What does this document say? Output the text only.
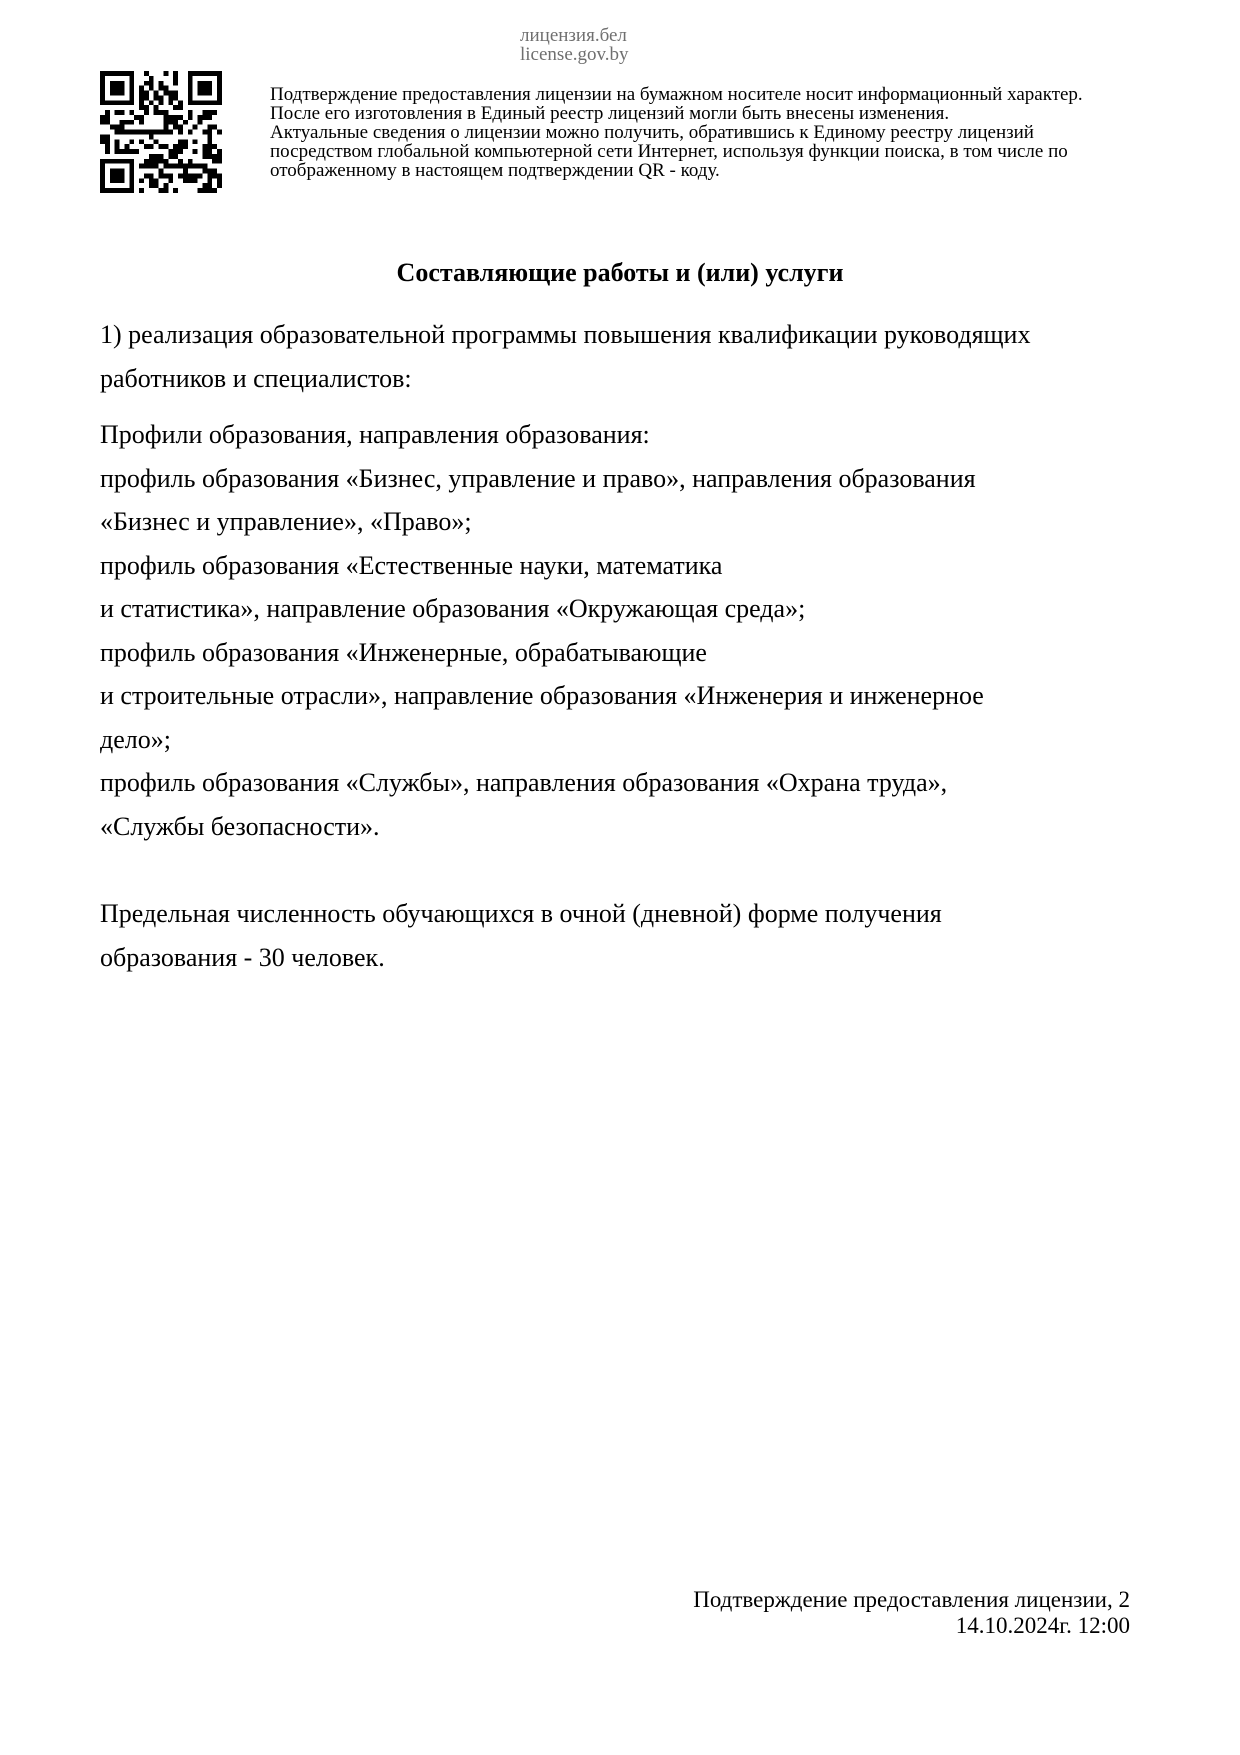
лицензия.бел
license.gov.by
Подтверждение предоставления лицензии на бумажном носителе носит информационный характер.
После его изготовления в Единый реестр лицензий могли быть внесены изменения.
Актуальные сведения о лицензии можно получить, обратившись к Единому реестру лицензий
посредством глобальной компьютерной сети Интернет, используя функции поиска, в том числе по
отображенному в настоящем подтверждении QR - коду.
Составляющие работы и (или) услуги
1) реализация образовательной программы повышения квалификации руководящих
работников и специалистов:
Профили образования, направления образования:
профиль образования «Бизнес, управление и право», направления образования
«Бизнес и управление», «Право»;
профиль образования «Естественные науки, математика
и статистика», направление образования «Окружающая среда»;
профиль образования «Инженерные, обрабатывающие
и строительные отрасли», направление образования «Инженерия и инженерное
дело»;
профиль образования «Службы», направления образования «Охрана труда»,
«Службы безопасности».
Предельная численность обучающихся в очной (дневной) форме получения
образования - 30 человек.
Подтверждение предоставления лицензии, 2
14.10.2024г. 12:00
